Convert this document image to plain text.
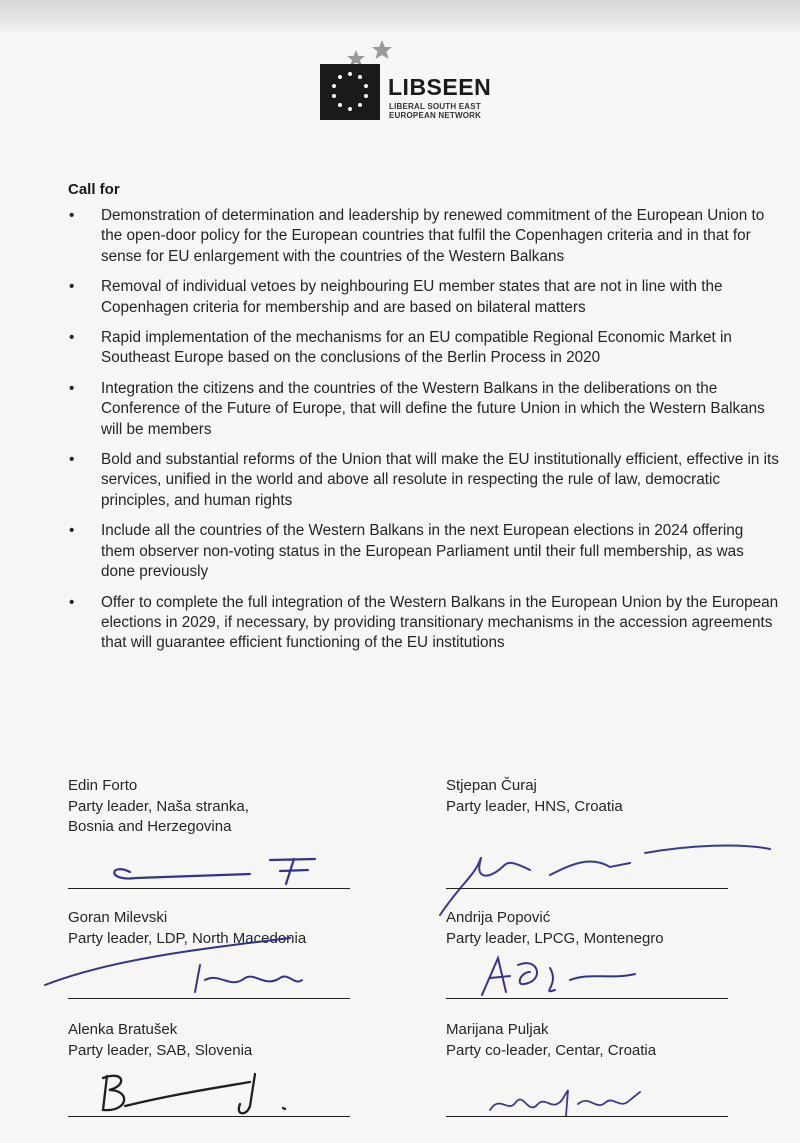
LIBSEEN
LIBERAL SOUTH EAST
EUROPEAN NETWORK
Call for
• Demonstration of determination and leadership by renewed commitment of the European Union to the open-door policy for the European countries that fulfil the Copenhagen criteria and in that for sense for EU enlargement with the countries of the Western Balkans
• Removal of individual vetoes by neighbouring EU member states that are not in line with the Copenhagen criteria for membership and are based on bilateral matters
• Rapid implementation of the mechanisms for an EU compatible Regional Economic Market in Southeast Europe based on the conclusions of the Berlin Process in 2020
• Integration the citizens and the countries of the Western Balkans in the deliberations on the Conference of the Future of Europe, that will define the future Union in which the Western Balkans will be members
• Bold and substantial reforms of the Union that will make the EU institutionally efficient, effective in its services, unified in the world and above all resolute in respecting the rule of law, democratic principles, and human rights
• Include all the countries of the Western Balkans in the next European elections in 2024 offering them observer non-voting status in the European Parliament until their full membership, as was done previously
• Offer to complete the full integration of the Western Balkans in the European Union by the European elections in 2029, if necessary, by providing transitionary mechanisms in the accession agreements that will guarantee efficient functioning of the EU institutions
Edin Forto
Party leader, Naša stranka,
Bosnia and Herzegovina
Stjepan Čuraj
Party leader, HNS, Croatia
Goran Milevski
Party leader, LDP, North Macedonia
Andrija Popović
Party leader, LPCG, Montenegro
Alenka Bratušek
Party leader, SAB, Slovenia
Marijana Puljak
Party co-leader, Centar, Croatia
